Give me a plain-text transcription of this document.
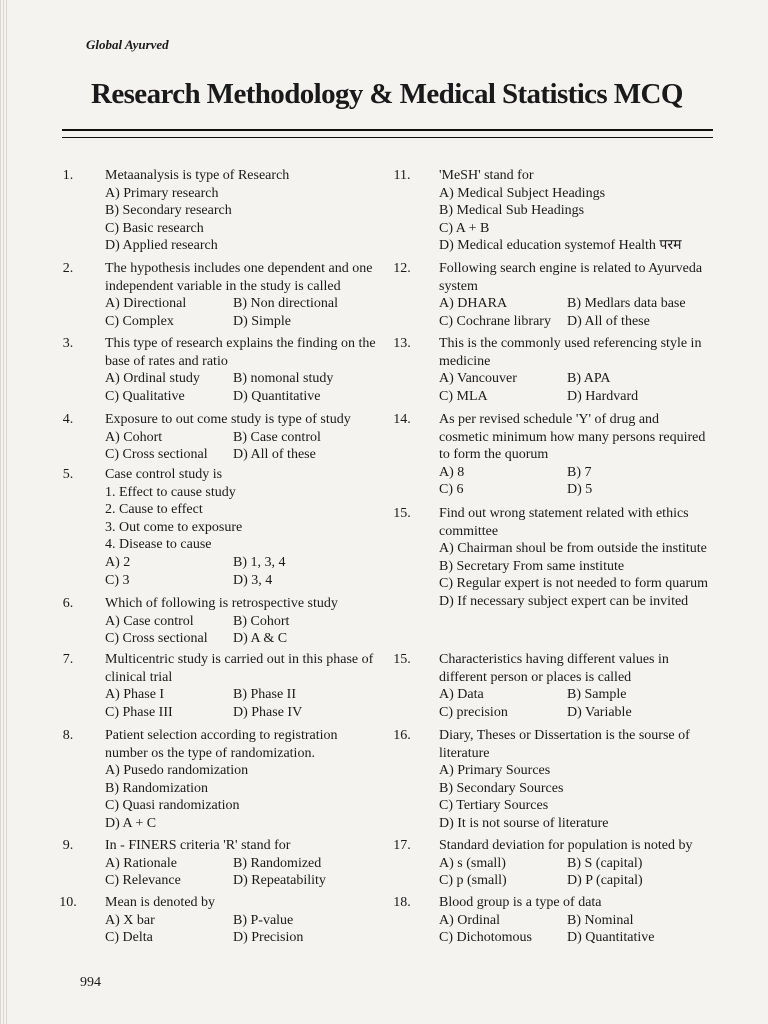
Global Ayurved

Research Methodology & Medical Statistics MCQ
1.	Metaanalysis is type of Research
A) Primary research
B) Secondary research
C) Basic research
D) Applied research
2.	The hypothesis includes one dependent and one independent variable in the study is called
A) Directional	B) Non directional
C) Complex	D) Simple
3.	This type of research explains the finding on the base of rates and ratio
A) Ordinal study	B) nomonal study
C) Qualitative	D) Quantitative
4.	Exposure to out come study is type of study
A) Cohort	B) Case control
C) Cross sectional	D) All of these
5.	Case control study is
1. Effect to cause study
2. Cause to effect
3. Out come to exposure
4. Disease to cause
A) 2	B) 1, 3, 4
C) 3	D) 3, 4
6.	Which of following is retrospective study
A) Case control	B) Cohort
C) Cross sectional	D) A & C
7.	Multicentric study is carried out in this phase of clinical trial
A) Phase I	B) Phase II
C) Phase III	D) Phase IV
8.	Patient selection according to registration number os the type of randomization.
A) Pusedo randomization
B) Randomization
C) Quasi randomization
D) A + C
9.	In - FINERS criteria 'R' stand for
A) Rationale	B) Randomized
C) Relevance	D) Repeatability
10. Mean is denoted by
A) X bar	B) P-value
C) Delta	D) Precision
11. 'MeSH' stand for
A) Medical Subject Headings
B) Medical Sub Headings
C) A + B
D) Medical education systemof Health परम
12. Following search engine is related to Ayurveda system
A) DHARA	B) Medlars data base
C) Cochrane library	D) All of these
13. This is the commonly used referencing style in medicine
A) Vancouver	B) APA
C) MLA	D) Hardvard
14. As per revised schedule 'Y' of drug and cosmetic minimum how many persons required to form the quorum
A) 8	B) 7
C) 6	D) 5
15. Find out wrong statement related with ethics committee
A) Chairman shoul be from outside the institute
B) Secretary From same institute
C) Regular expert is not needed to form quarum
D) If necessary subject expert can be invited
15. Characteristics having different values in different person or places is called
A) Data	B) Sample
C) precision	D) Variable
16. Diary, Theses or Dissertation is the sourse of literature
A) Primary Sources
B) Secondary Sources
C) Tertiary Sources
D) It is not sourse of literature
17. Standard deviation for population is noted by
A) s (small)	B) S (capital)
C) p (small)	D) P (capital)
18. Blood group is a type of data
A) Ordinal	B) Nominal
C) Dichotomous	D) Quantitative

994
